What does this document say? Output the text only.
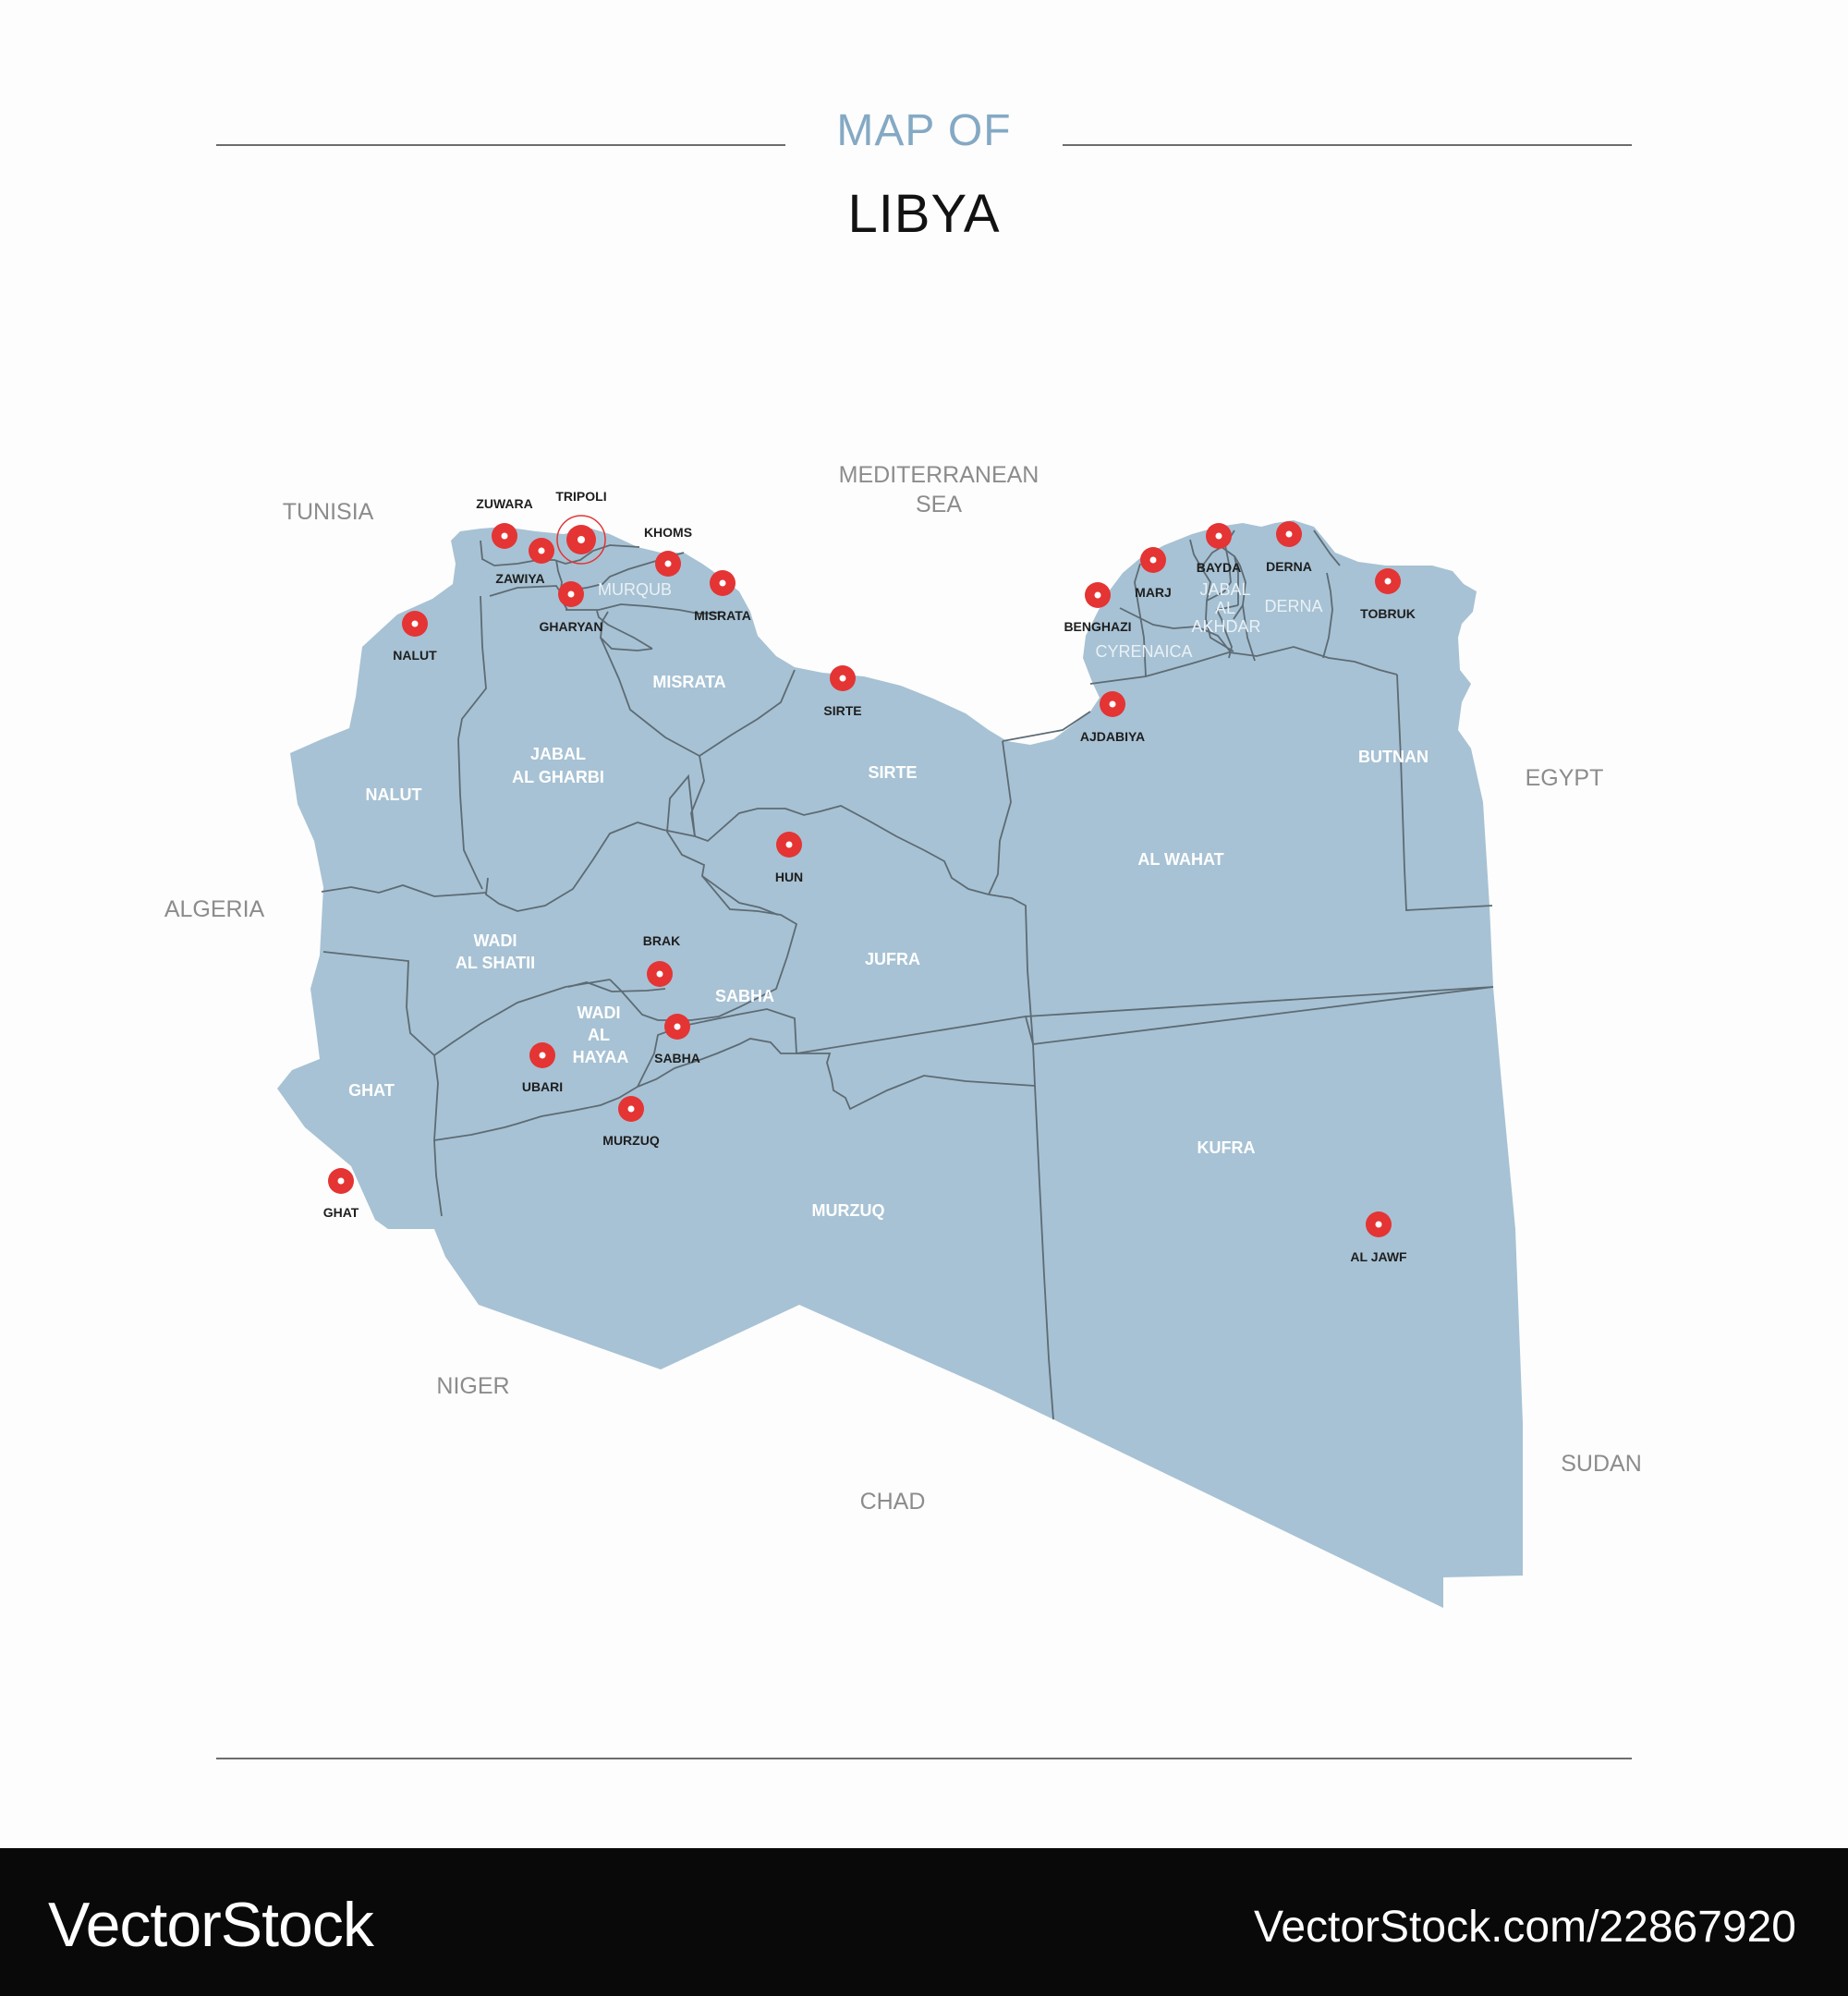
MAP OF
LIBYA
TUNISIA
ALGERIA
NIGER
CHAD
SUDAN
EGYPT
MEDITERRANEAN
SEA
NALUT
JABAL
AL GHARBI
MURQUB
MISRATA
SIRTE
WADI
AL SHATII	JUFRA
SABHA
WADI
AL
HAYAA
GHAT
MURZUQ
AL WAHAT
KUFRA
BUTNAN
CYRENAICA
JABAL
AL
AKHDAR
DERNA
ZUWARA TRIPOLI
KHOMS
ZAWIYA
GHARYAN
MISRATA
NALUT
SIRTE
HUN
BRAK
SABHA
UBARI
MURZUQ
GHAT
BENGHAZI
MARJ
BAYDA DERNA
TOBRUK
AJDABIYA
AL JAWF
VectorStock	VectorStock.com/22867920
